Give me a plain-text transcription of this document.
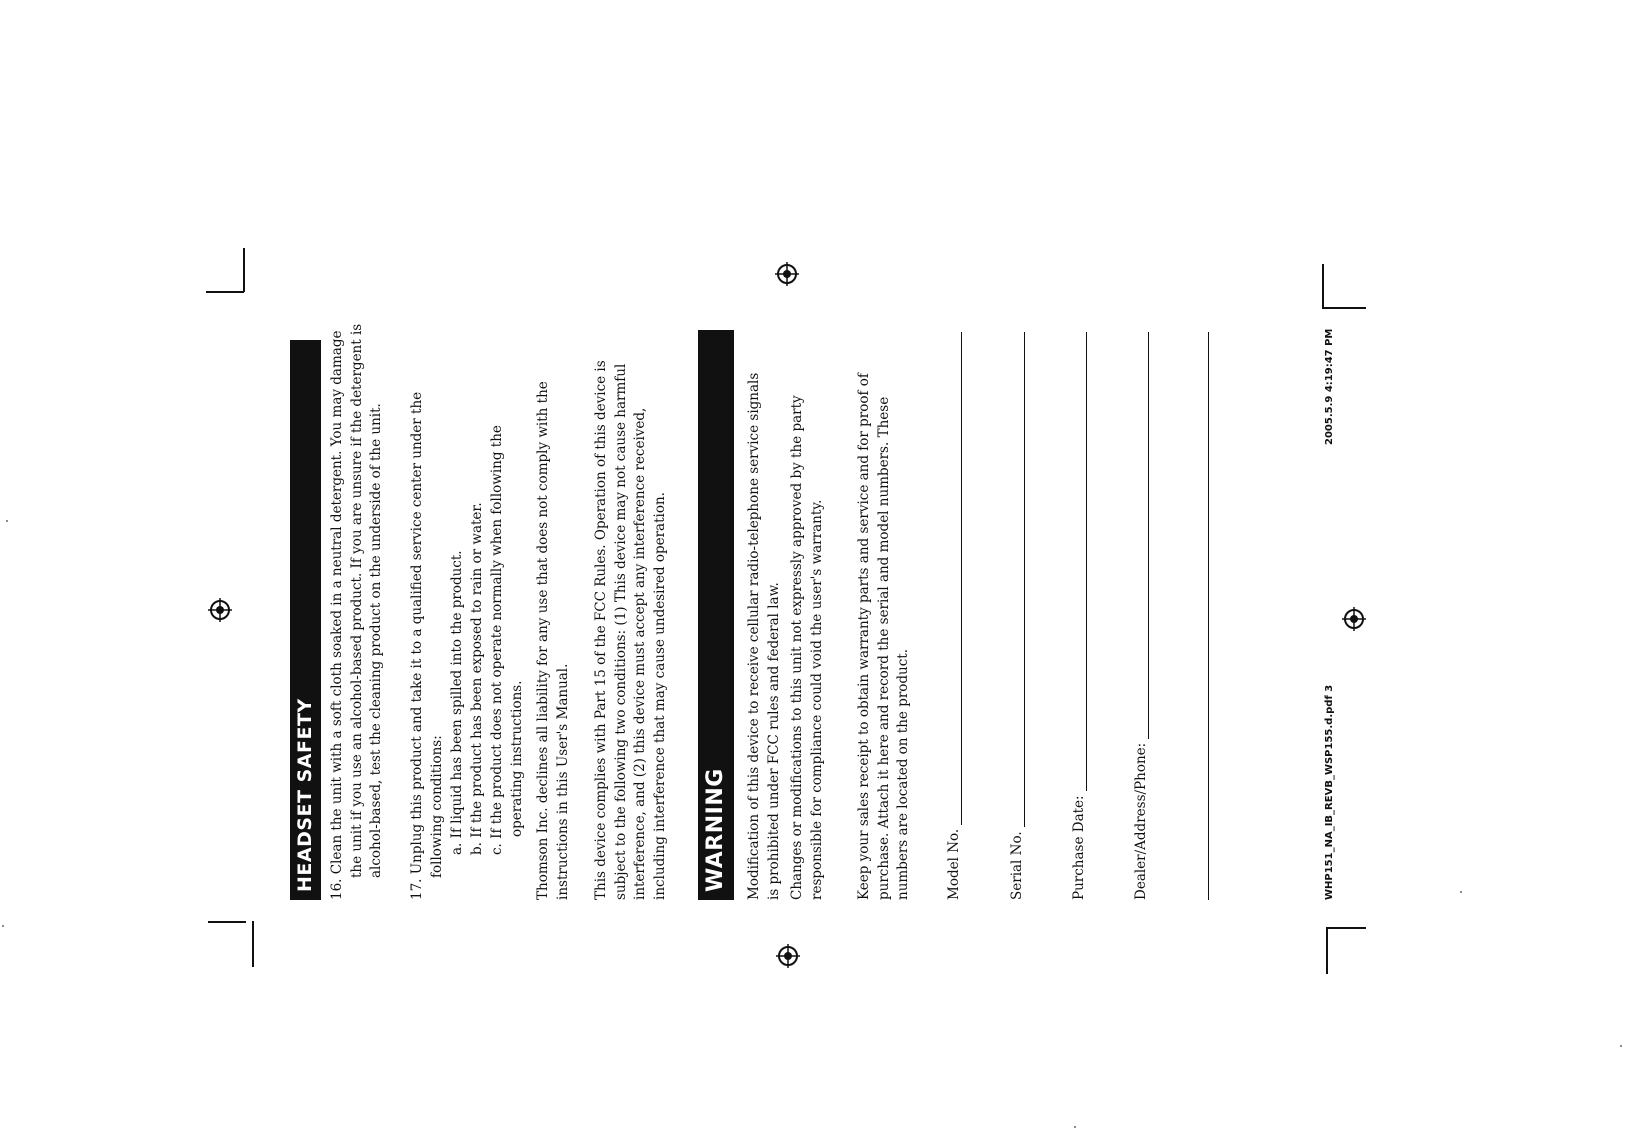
HEADSET SAFETY 16. Clean the unit with a soft cloth soaked in a neutral detergent. You may damage the unit if you use an alcohol-based product. If you are unsure if the detergent is alcohol-based, test the cleaning product on the underside of the unit. 17. Unplug this product and take it to a qualified service center under the following conditions: a. If liquid has been spilled into the product. b. If the product has been exposed to rain or water. c. If the product does not operate normally when following the operating instructions. Thomson Inc. declines all liability for any use that does not comply with the instructions in this User's Manual. This device complies with Part 15 of the FCC Rules. Operation of this device is subject to the following two conditions: (1) This device may not cause harmful interference, and (2) this device must accept any interference received, including interference that may cause undesired operation. WARNING Modification of this device to receive cellular radio-telephone service signals is prohibited under FCC rules and federal law. Changes or modifications to this unit not expressly approved by the party responsible for compliance could void the user's warranty. Keep your sales receipt to obtain warranty parts and service and for proof of purchase. Attach it here and record the serial and model numbers. These numbers are located on the product.	Model No.	Serial No.	Purchase Date:	Dealer/Address/Phone:	WHP151_NA_IB_REVB_WSP155.d.pdf 3
2005.5.9 4:19:47 PM
